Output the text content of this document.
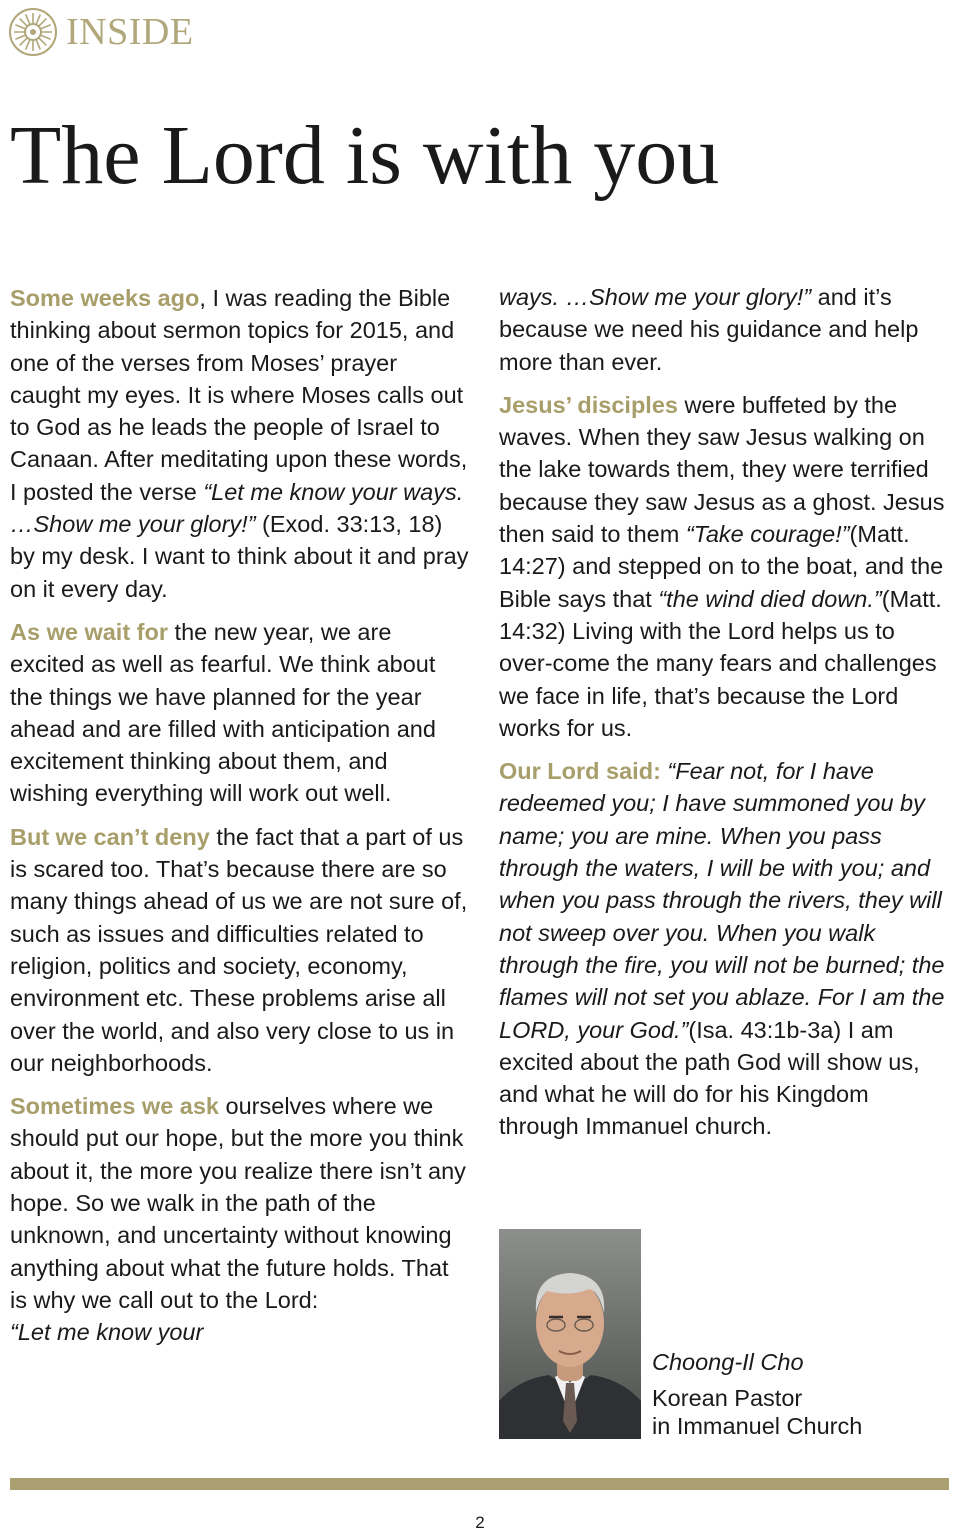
INSIDE
The Lord is with you

Some weeks ago, I was reading the Bible thinking about sermon topics for 2015, and one of the verses from Moses’ prayer caught my eyes. It is where Moses calls out to God as he leads the people of Israel to Canaan. After meditating upon these words, I posted the verse “Let me know your ways. …Show me your glory!” (Exod. 33:13, 18) by my desk. I want to think about it and pray on it every day.

As we wait for the new year, we are excited as well as fearful. We think about the things we have planned for the year ahead and are filled with anticipation and excitement thinking about them, and wishing everything will work out well.

But we can’t deny the fact that a part of us is scared too. That’s because there are so many things ahead of us we are not sure of, such as issues and difficulties related to religion, politics and society, economy, environment etc. These problems arise all over the world, and also very close to us in our neighborhoods.

Sometimes we ask ourselves where we should put our hope, but the more you think about it, the more you realize there isn’t any hope. So we walk in the path of the unknown, and uncertainty without knowing anything about what the future holds. That is why we call out to the Lord: “Let me know your

ways. …Show me your glory!” and it’s because we need his guidance and help more than ever.

Jesus’ disciples were buffeted by the waves. When they saw Jesus walking on the lake towards them, they were terrified because they saw Jesus as a ghost. Jesus then said to them “Take courage!”(Matt. 14:27) and stepped on to the boat, and the Bible says that “the wind died down.”(Matt. 14:32) Living with the Lord helps us to over-come the many fears and challenges we face in life, that’s because the Lord works for us.

Our Lord said: “Fear not, for I have redeemed you; I have summoned you by name; you are mine. When you pass through the waters, I will be with you; and when you pass through the rivers, they will not sweep over you. When you walk through the fire, you will not be burned; the flames will not set you ablaze. For I am the LORD, your God.”(Isa. 43:1b-3a) I am excited about the path God will show us, and what he will do for his Kingdom through Immanuel church.

Choong-Il Cho
Korean Pastor
in Immanuel Church
2
